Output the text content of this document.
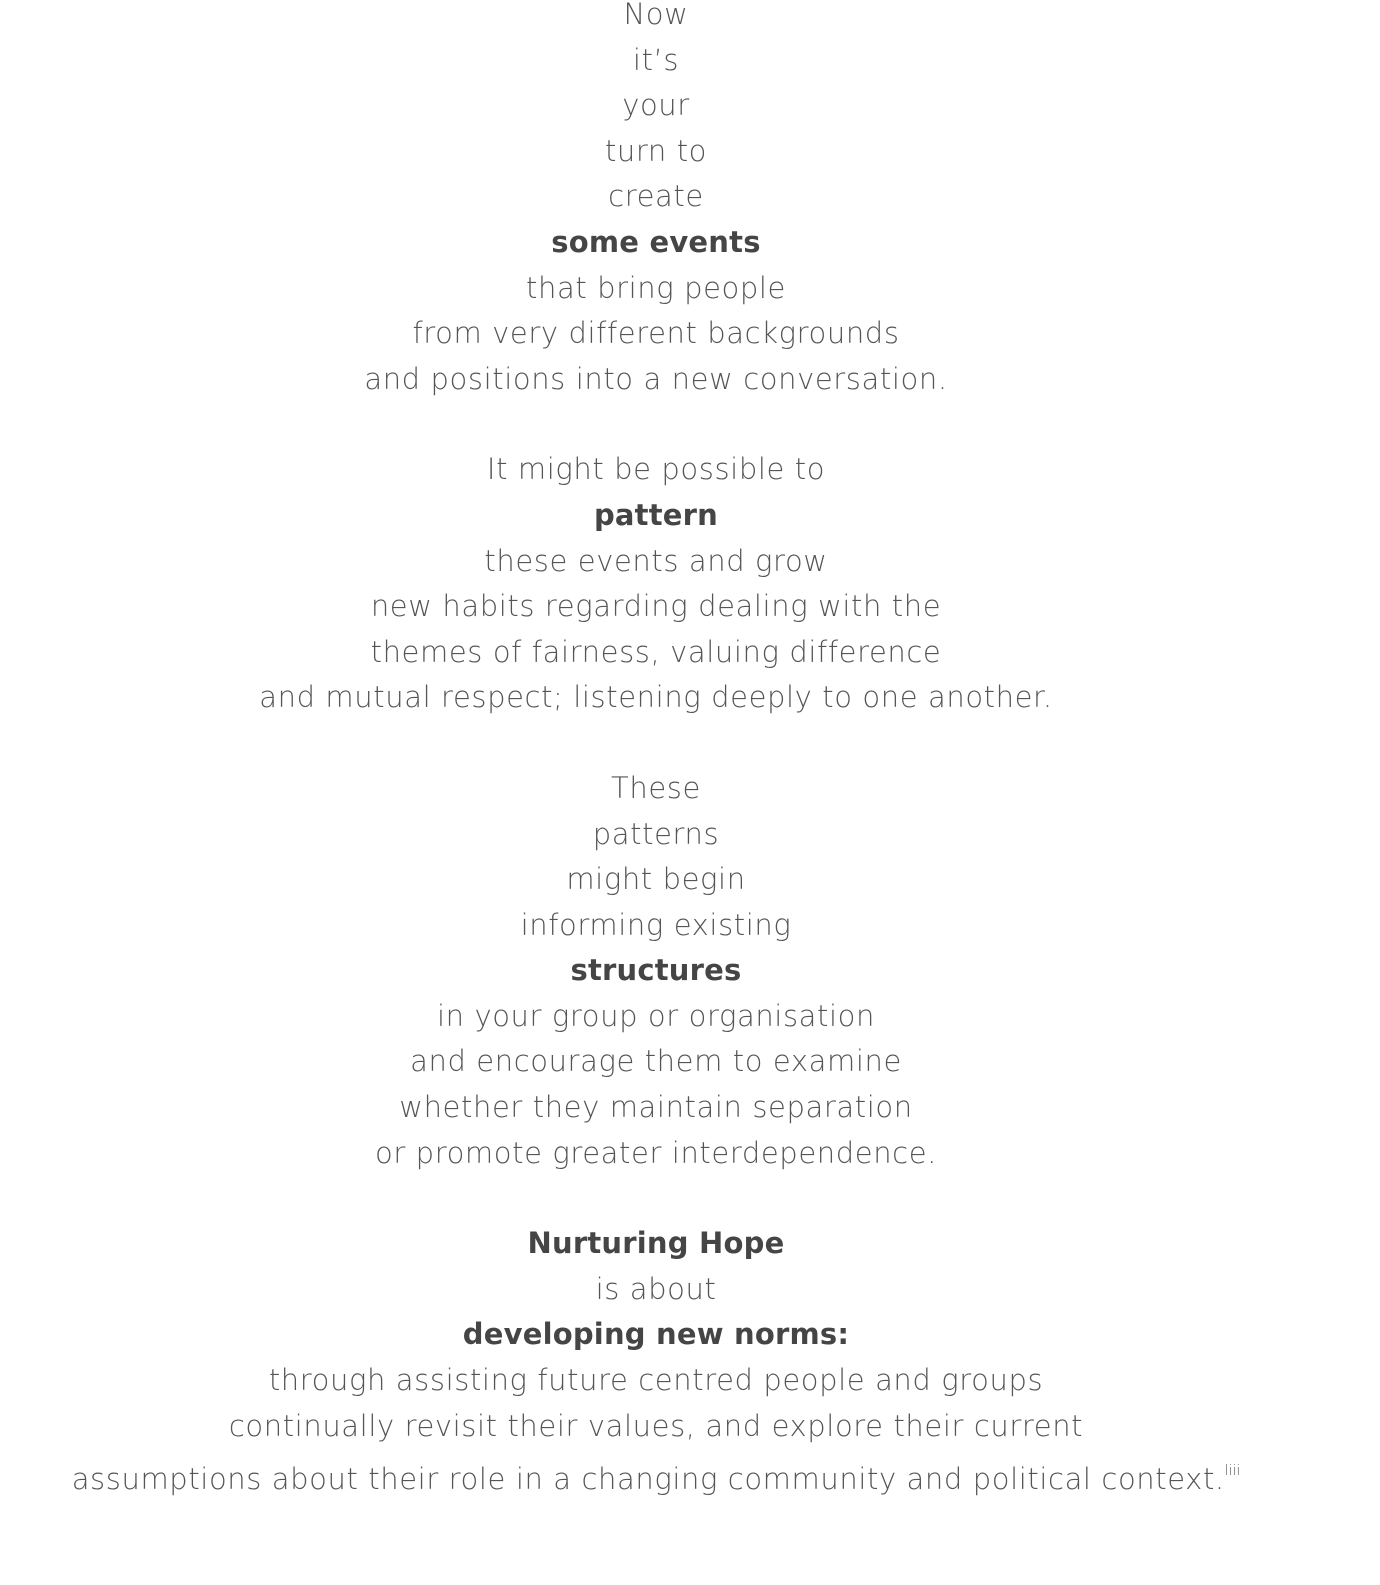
Now
it’s
your
turn to
create
some events
that bring people
from very different backgrounds
and positions into a new conversation.
It might be possible to
pattern
these events and grow
new habits regarding dealing with the
themes of fairness, valuing difference
and mutual respect; listening deeply to one another.
These
patterns
might begin
informing existing
structures
in your group or organisation
and encourage them to examine
whether they maintain separation
or promote greater interdependence.
Nurturing Hope
is about
developing new norms:
through assisting future centred people and groups
continually revisit their values, and explore their current
assumptions about their role in a changing community and political context.$^{liii}$
